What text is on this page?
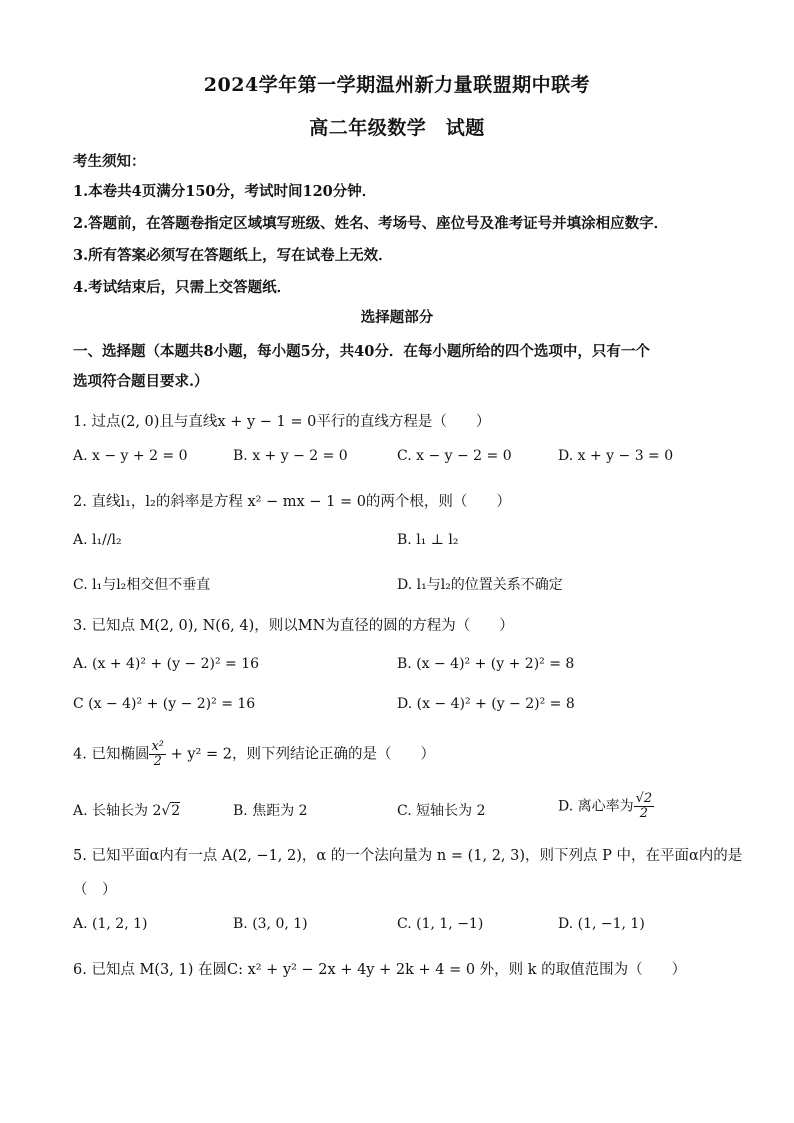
2024学年第一学期温州新力量联盟期中联考
高二年级数学　试题
考生须知：
1.本卷共4页满分150分，考试时间120分钟．
2.答题前，在答题卷指定区域填写班级、姓名、考场号、座位号及准考证号并填涂相应数字．
3.所有答案必须写在答题纸上，写在试卷上无效．
4.考试结束后，只需上交答题纸．
选择题部分
一、选择题（本题共8小题，每小题5分，共40分．在每小题所给的四个选项中，只有一个
选项符合题目要求.）
1. 过点(2, 0)且与直线x + y − 1 = 0平行的直线方程是（　　）
A. x − y + 2 = 0	B. x + y − 2 = 0	C. x − y − 2 = 0	D. x + y − 3 = 0
2. 直线l₁，l₂的斜率是方程 x² − mx − 1 = 0的两个根，则（　　）
A. l₁//l₂	B. l₁ ⊥ l₂
C. l₁与l₂相交但不垂直	D. l₁与l₂的位置关系不确定
3. 已知点 M(2, 0), N(6, 4)，则以MN为直径的圆的方程为（　　）
A. (x + 4)² + (y − 2)² = 16	B. (x − 4)² + (y + 2)² = 8
C (x − 4)² + (y − 2)² = 16	D. (x − 4)² + (y − 2)² = 8
4. 已知椭圆 $\frac{\text{x²}}{2} + y^2 = 2$，则下列结论正确的是（　　）
A. 长轴长为 2√2	B. 焦距为 2	C. 短轴长为 2	D. 离心率为 $\frac{√2}{2}$
5. 已知平面α内有一点 A(2, −1, 2)，α 的一个法向量为 n = (1, 2, 3)，则下列点 P 中，在平面α内的是
（　）
A. (1, 2, 1)	B. (3, 0, 1)	C. (1, 1, −1)	D. (1, −1, 1)
6. 已知点 M(3, 1) 在圆C: x² + y² − 2x + 4y + 2k + 4 = 0 外，则 k 的取值范围为（　　）
